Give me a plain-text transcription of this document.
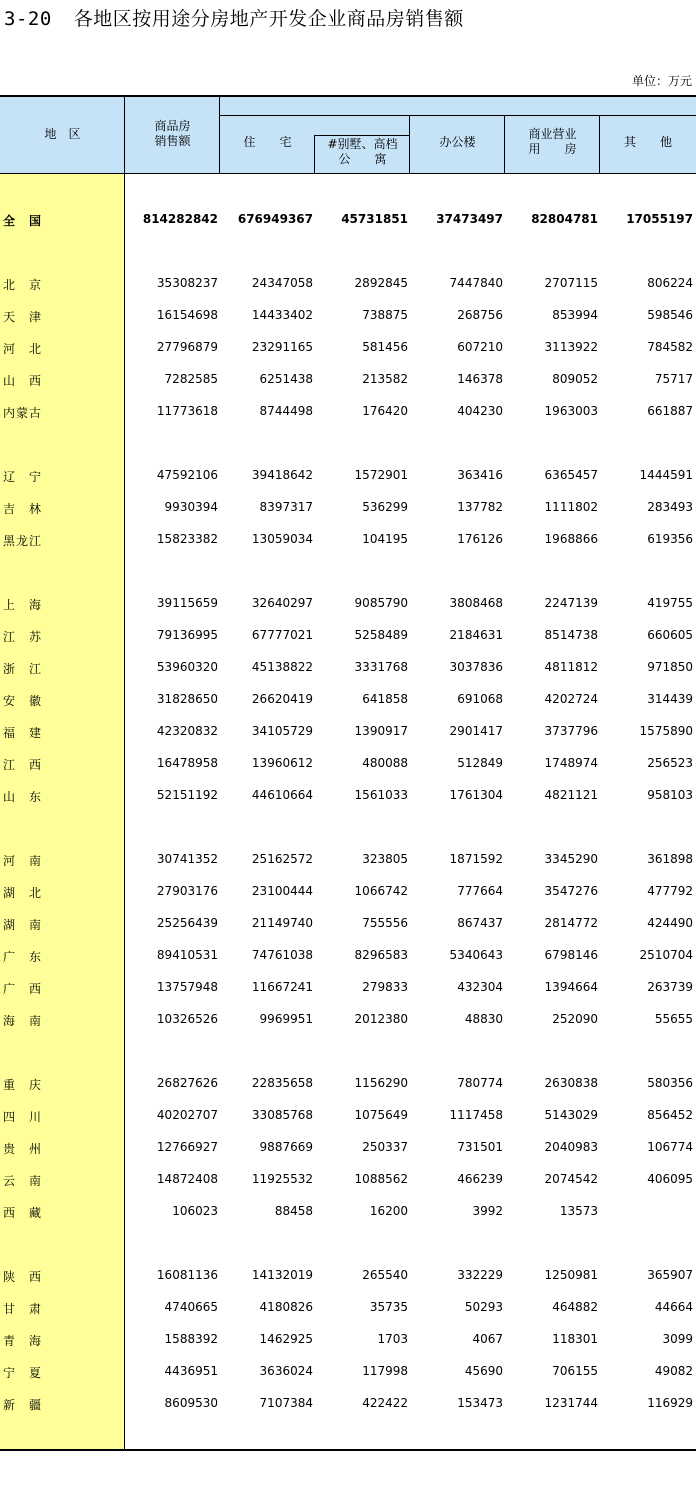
3-20 各地区按用途分房地产开发企业商品房销售额
单位：万元
地　区
商品房
销售额	住　　宅	#别墅、高档
公　　寓
办公楼
商业营业
用　　房	其　　他
全　国	814282842 676949367 45731851 37473497 82804781 17055197
北　京	35308237	24347058	2892845	7447840	2707115	806224
天　津	16154698	14433402	738875	268756	853994	598546
河　北	27796879	23291165	581456	607210	3113922	784582
山　西	7282585	6251438	213582	146378	809052	75717
内蒙古	11773618	8744498	176420	404230	1963003	661887
辽　宁	47592106	39418642	1572901	363416	6365457	1444591
吉　林	9930394	8397317	536299	137782	1111802	283493
黑龙江	15823382	13059034	104195	176126	1968866	619356
上　海	39115659	32640297	9085790	3808468	2247139	419755
江　苏	79136995	67777021	5258489	2184631	8514738	660605
浙　江	53960320	45138822	3331768	3037836	4811812	971850
安　徽	31828650	26620419	641858	691068	4202724	314439
福　建	42320832	34105729	1390917	2901417	3737796	1575890
江　西	16478958	13960612	480088	512849	1748974	256523
山　东	52151192	44610664	1561033	1761304	4821121	958103
河　南	30741352	25162572	323805	1871592	3345290	361898
湖　北	27903176	23100444	1066742	777664	3547276	477792
湖　南	25256439	21149740	755556	867437	2814772	424490
广　东	89410531	74761038	8296583	5340643	6798146	2510704
广　西	13757948	11667241	279833	432304	1394664	263739
海　南	10326526	9969951	2012380	48830	252090	55655
重　庆	26827626	22835658	1156290	780774	2630838	580356
四　川	40202707	33085768	1075649	1117458	5143029	856452
贵　州	12766927	9887669	250337	731501	2040983	106774
云　南	14872408	11925532	1088562	466239	2074542	406095
西　藏	106023	88458	16200	3992	13573
陕　西	16081136	14132019	265540	332229	1250981	365907
甘　肃	4740665	4180826	35735	50293	464882	44664
青　海	1588392	1462925	1703	4067	118301	3099
宁　夏	4436951	3636024	117998	45690	706155	49082
新　疆	8609530	7107384	422422	153473	1231744	116929
